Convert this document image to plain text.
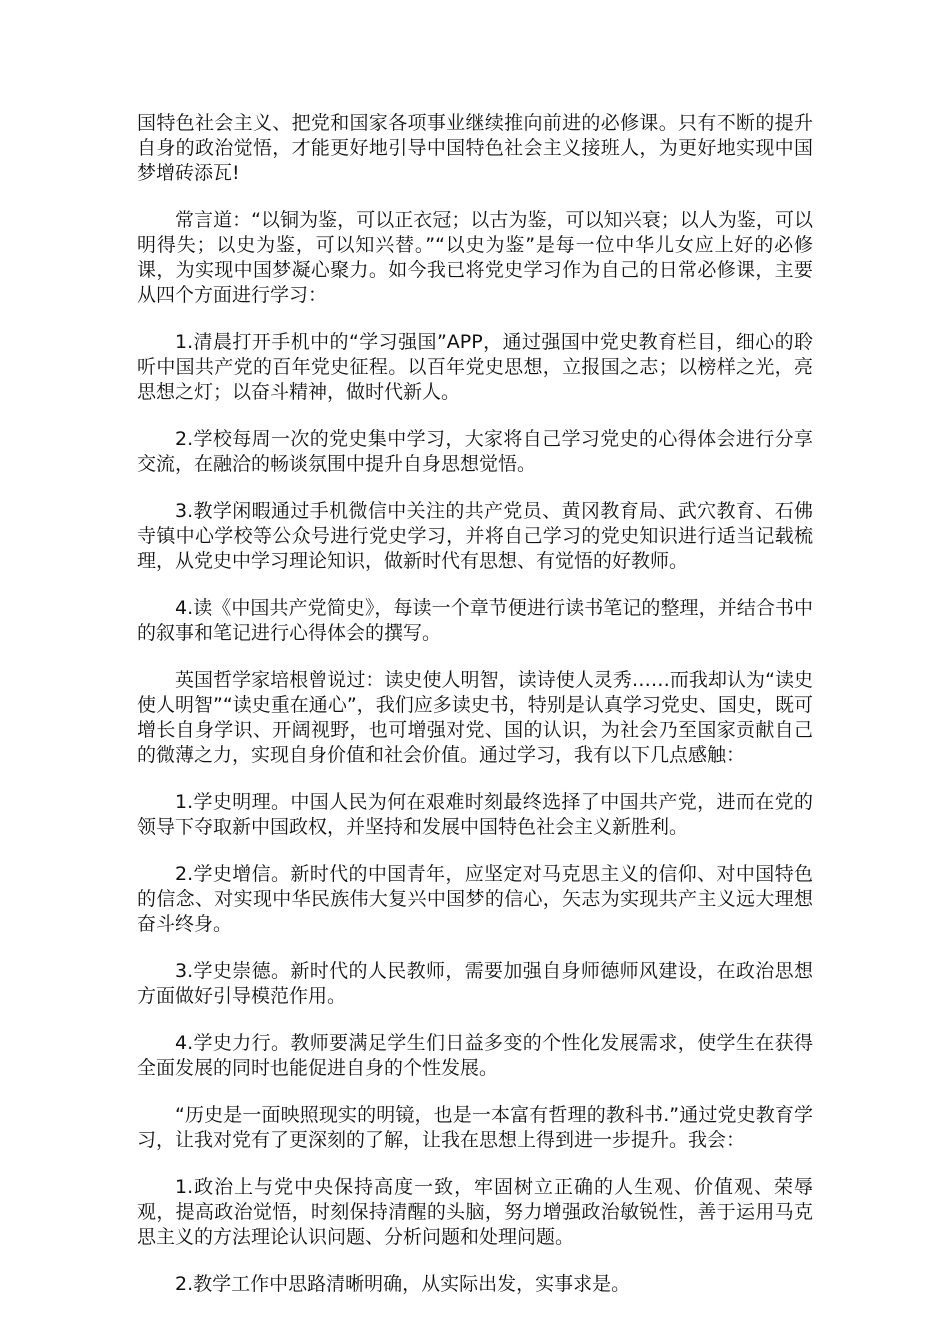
国特色社会主义、把党和国家各项事业继续推向前进的必修课。只有不断的提升自身的政治觉悟，才能更好地引导中国特色社会主义接班人，为更好地实现中国梦增砖添瓦!

常言道：“以铜为鉴，可以正衣冠；以古为鉴，可以知兴衰；以人为鉴，可以明得失；以史为鉴，可以知兴替。”“以史为鉴”是每一位中华儿女应上好的必修课，为实现中国梦凝心聚力。如今我已将党史学习作为自己的日常必修课，主要从四个方面进行学习：

1.清晨打开手机中的“学习强国”APP，通过强国中党史教育栏目，细心的聆听中国共产党的百年党史征程。以百年党史思想，立报国之志；以榜样之光，亮思想之灯；以奋斗精神，做时代新人。

2.学校每周一次的党史集中学习，大家将自己学习党史的心得体会进行分享交流，在融洽的畅谈氛围中提升自身思想觉悟。

3.教学闲暇通过手机微信中关注的共产党员、黄冈教育局、武穴教育、石佛寺镇中心学校等公众号进行党史学习，并将自己学习的党史知识进行适当记载梳理，从党史中学习理论知识，做新时代有思想、有觉悟的好教师。

4.读《中国共产党简史》，每读一个章节便进行读书笔记的整理，并结合书中的叙事和笔记进行心得体会的撰写。

英国哲学家培根曾说过：读史使人明智，读诗使人灵秀……而我却认为“读史使人明智”“读史重在通心”，我们应多读史书，特别是认真学习党史、国史，既可增长自身学识、开阔视野，也可增强对党、国的认识，为社会乃至国家贡献自己的微薄之力，实现自身价值和社会价值。通过学习，我有以下几点感触：

1.学史明理。中国人民为何在艰难时刻最终选择了中国共产党，进而在党的领导下夺取新中国政权，并坚持和发展中国特色社会主义新胜利。

2.学史增信。新时代的中国青年，应坚定对马克思主义的信仰、对中国特色的信念、对实现中华民族伟大复兴中国梦的信心，矢志为实现共产主义远大理想奋斗终身。

3.学史崇德。新时代的人民教师，需要加强自身师德师风建设，在政治思想方面做好引导模范作用。

4.学史力行。教师要满足学生们日益多变的个性化发展需求，使学生在获得全面发展的同时也能促进自身的个性发展。

“历史是一面映照现实的明镜，也是一本富有哲理的教科书.”通过党史教育学习，让我对党有了更深刻的了解，让我在思想上得到进一步提升。我会：

1.政治上与党中央保持高度一致，牢固树立正确的人生观、价值观、荣辱观，提高政治觉悟，时刻保持清醒的头脑，努力增强政治敏锐性，善于运用马克思主义的方法理论认识问题、分析问题和处理问题。

2.教学工作中思路清晰明确，从实际出发，实事求是。
